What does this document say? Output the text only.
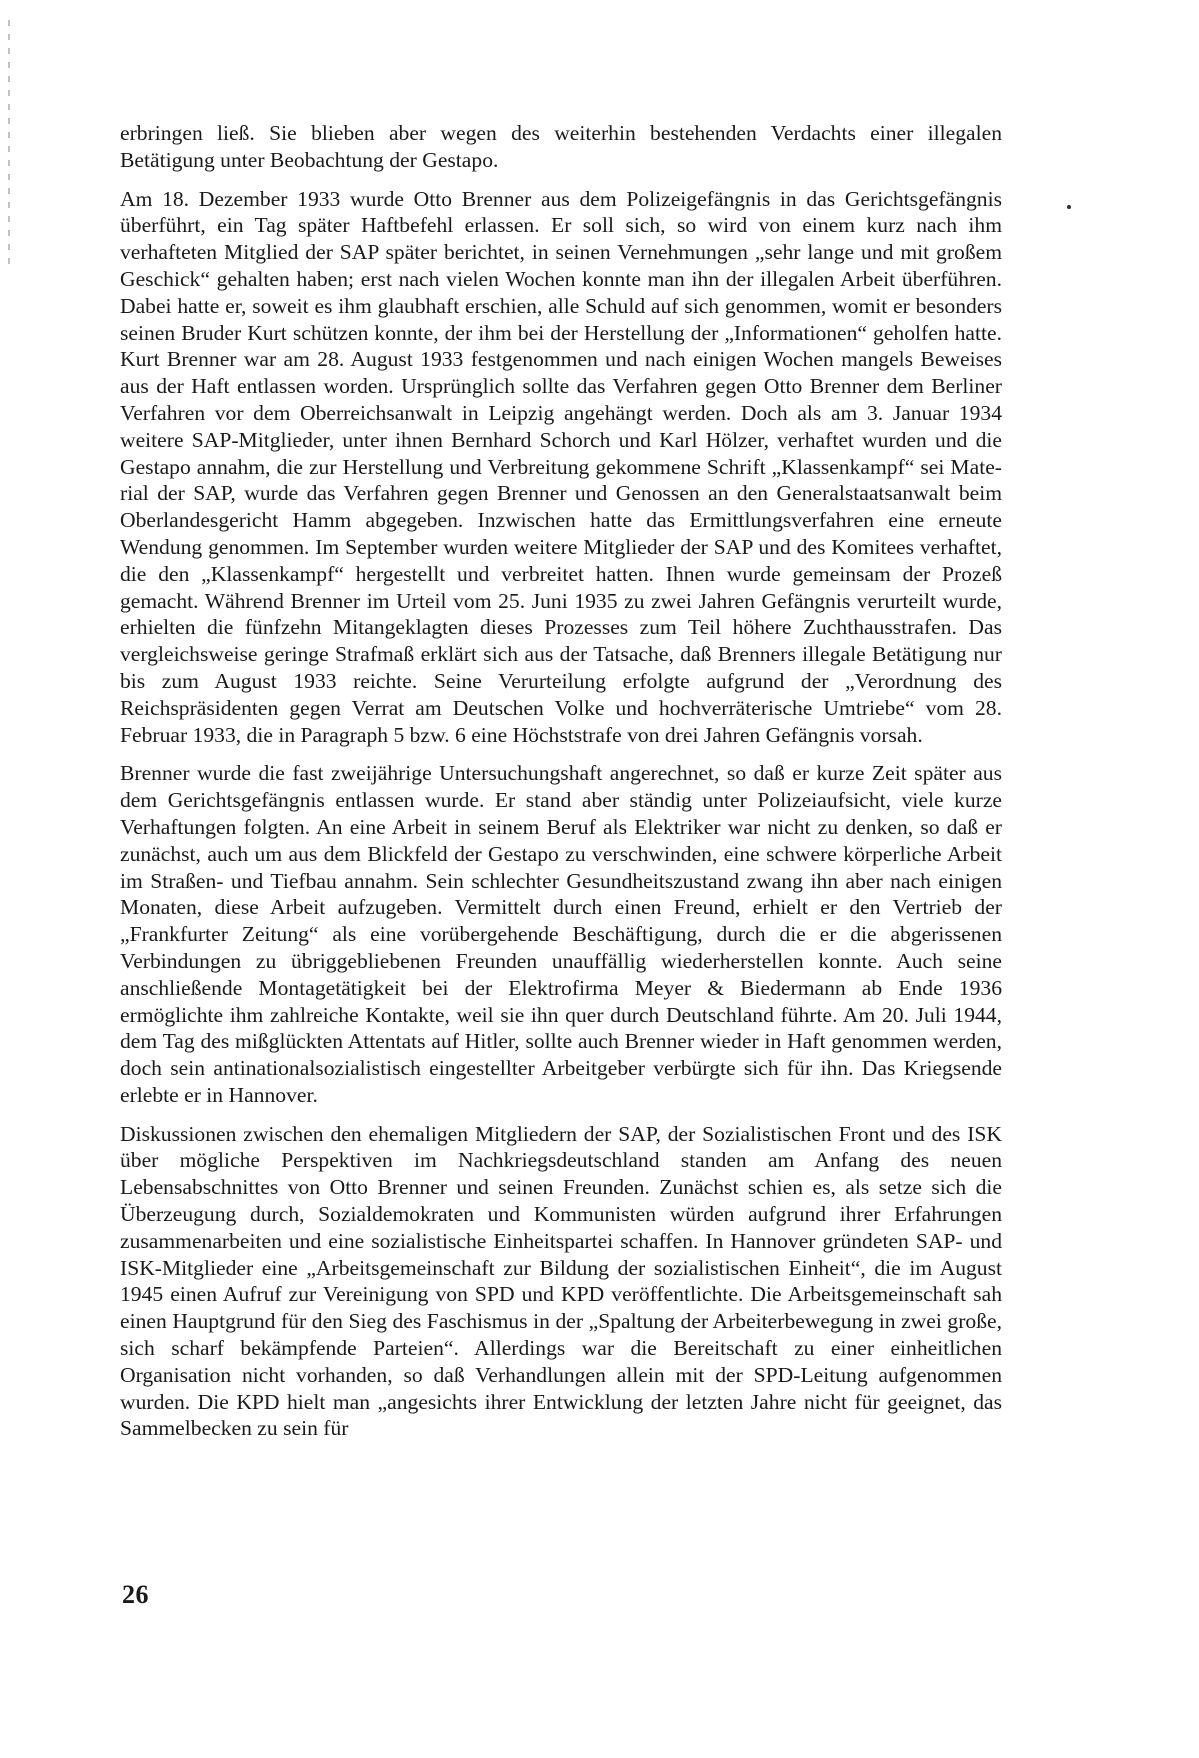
erbringen ließ. Sie blieben aber wegen des weiterhin bestehenden Verdachts einer illegalen Betätigung unter Beobachtung der Gestapo.

Am 18. Dezember 1933 wurde Otto Brenner aus dem Polizeigefängnis in das Gerichtsgefängnis überführt, ein Tag später Haftbefehl erlassen. Er soll sich, so wird von einem kurz nach ihm verhafteten Mitglied der SAP später berichtet, in seinen Vernehmungen „sehr lange und mit großem Geschick“ gehalten haben; erst nach vielen Wochen konnte man ihn der illegalen Arbeit überführen. Dabei hatte er, soweit es ihm glaubhaft erschien, alle Schuld auf sich genommen, womit er besonders seinen Bruder Kurt schützen konnte, der ihm bei der Herstellung der „Informationen“ geholfen hatte. Kurt Brenner war am 28. August 1933 festgenommen und nach einigen Wochen mangels Beweises aus der Haft entlassen worden. Ursprünglich sollte das Verfahren gegen Otto Brenner dem Berliner Verfahren vor dem Oberreichsanwalt in Leipzig angehängt werden. Doch als am 3. Januar 1934 weitere SAP-Mitglieder, unter ihnen Bernhard Schorch und Karl Hölzer, verhaftet wurden und die Gestapo annahm, die zur Herstellung und Verbreitung gekommene Schrift „Klassenkampf“ sei Material der SAP, wurde das Verfahren gegen Brenner und Genossen an den Generalstaatsanwalt beim Oberlandesgericht Hamm abgegeben. Inzwischen hatte das Ermittlungsverfahren eine erneute Wendung genommen. Im September wurden weitere Mitglieder der SAP und des Komitees verhaftet, die den „Klassenkampf“ hergestellt und verbreitet hatten. Ihnen wurde gemeinsam der Prozeß gemacht. Während Brenner im Urteil vom 25. Juni 1935 zu zwei Jahren Gefängnis verurteilt wurde, erhielten die fünfzehn Mitangeklagten dieses Prozesses zum Teil höhere Zuchthausstrafen. Das vergleichsweise geringe Strafmaß erklärt sich aus der Tatsache, daß Brenners illegale Betätigung nur bis zum August 1933 reichte. Seine Verurteilung erfolgte aufgrund der „Verordnung des Reichspräsidenten gegen Verrat am Deutschen Volke und hochverräterische Umtriebe“ vom 28. Februar 1933, die in Paragraph 5 bzw. 6 eine Höchststrafe von drei Jahren Gefängnis vorsah.

Brenner wurde die fast zweijährige Untersuchungshaft angerechnet, so daß er kurze Zeit später aus dem Gerichtsgefängnis entlassen wurde. Er stand aber ständig unter Polizeiaufsicht, viele kurze Verhaftungen folgten. An eine Arbeit in seinem Beruf als Elektriker war nicht zu denken, so daß er zunächst, auch um aus dem Blickfeld der Gestapo zu verschwinden, eine schwere körperliche Arbeit im Straßen- und Tiefbau annahm. Sein schlechter Gesundheitszustand zwang ihn aber nach einigen Monaten, diese Arbeit aufzugeben. Vermittelt durch einen Freund, erhielt er den Vertrieb der „Frankfurter Zeitung“ als eine vorübergehende Beschäftigung, durch die er die abgerissenen Verbindungen zu übriggebliebenen Freunden unauffällig wiederherstellen konnte. Auch seine anschließende Montagetätigkeit bei der Elektrofirma Meyer & Biedermann ab Ende 1936 ermöglichte ihm zahlreiche Kontakte, weil sie ihn quer durch Deutschland führte. Am 20. Juli 1944, dem Tag des mißglückten Attentats auf Hitler, sollte auch Brenner wieder in Haft genommen werden, doch sein antinationalsozialistisch eingestellter Arbeitgeber verbürgte sich für ihn. Das Kriegsende erlebte er in Hannover.

Diskussionen zwischen den ehemaligen Mitgliedern der SAP, der Sozialistischen Front und des ISK über mögliche Perspektiven im Nachkriegsdeutschland standen am Anfang des neuen Lebensabschnittes von Otto Brenner und seinen Freunden. Zunächst schien es, als setze sich die Überzeugung durch, Sozialdemokraten und Kommunisten würden aufgrund ihrer Erfahrungen zusammenarbeiten und eine sozialistische Einheitspartei schaffen. In Hannover gründeten SAP- und ISK-Mitglieder eine „Arbeitsgemeinschaft zur Bildung der sozialistischen Einheit“, die im August 1945 einen Aufruf zur Vereinigung von SPD und KPD veröffentlichte. Die Arbeitsgemeinschaft sah einen Hauptgrund für den Sieg des Faschismus in der „Spaltung der Arbeiterbewegung in zwei große, sich scharf bekämpfende Parteien“. Allerdings war die Bereitschaft zu einer einheitlichen Organisation nicht vorhanden, so daß Verhandlungen allein mit der SPD-Leitung aufgenommen wurden. Die KPD hielt man „angesichts ihrer Entwicklung der letzten Jahre nicht für geeignet, das Sammelbecken zu sein für

26
